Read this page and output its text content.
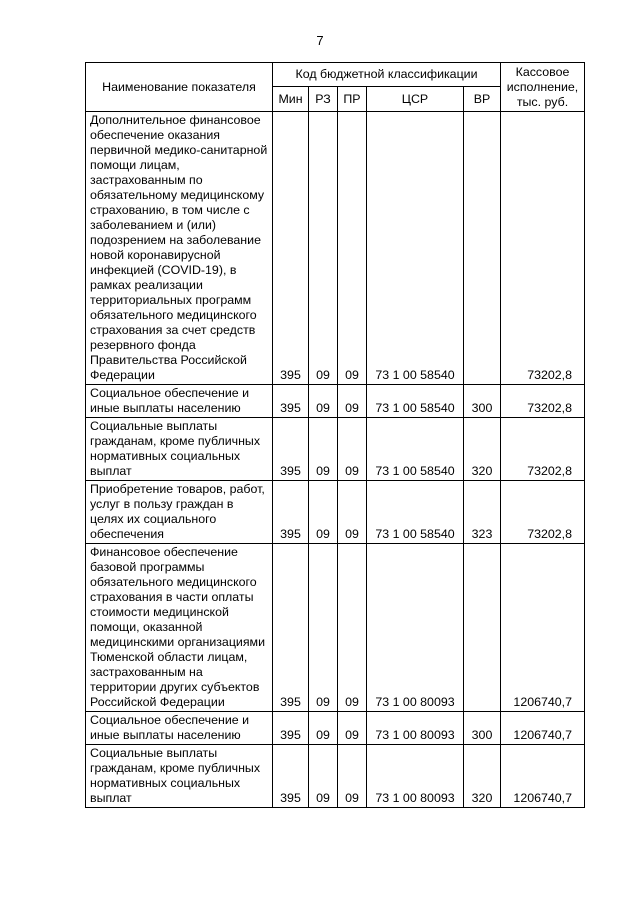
7
Наименование показателя	Код бюджетной классификации					Кассовое исполнение, тыс. руб.
	Мин	РЗ	ПР	ЦСР	ВР	
Дополнительное финансовое обеспечение оказания первичной медико-санитарной помощи лицам, застрахованным по обязательному медицинскому страхованию, в том числе с заболеванием и (или) подозрением на заболевание новой коронавирусной инфекцией (COVID-19), в рамках реализации территориальных программ обязательного медицинского страхования за счет средств резервного фонда Правительства Российской Федерации	395	09	09	73 1 00 58540		73202,8
Социальное обеспечение и иные выплаты населению	395	09	09	73 1 00 58540	300	73202,8
Социальные выплаты гражданам, кроме публичных нормативных социальных выплат	395	09	09	73 1 00 58540	320	73202,8
Приобретение товаров, работ, услуг в пользу граждан в целях их социального обеспечения	395	09	09	73 1 00 58540	323	73202,8
Финансовое обеспечение базовой программы обязательного медицинского страхования в части оплаты стоимости медицинской помощи, оказанной медицинскими организациями Тюменской области лицам, застрахованным на территории других субъектов Российской Федерации	395	09	09	73 1 00 80093		1206740,7
Социальное обеспечение и иные выплаты населению	395	09	09	73 1 00 80093	300	1206740,7
Социальные выплаты гражданам, кроме публичных нормативных социальных выплат	395	09	09	73 1 00 80093	320	1206740,7
